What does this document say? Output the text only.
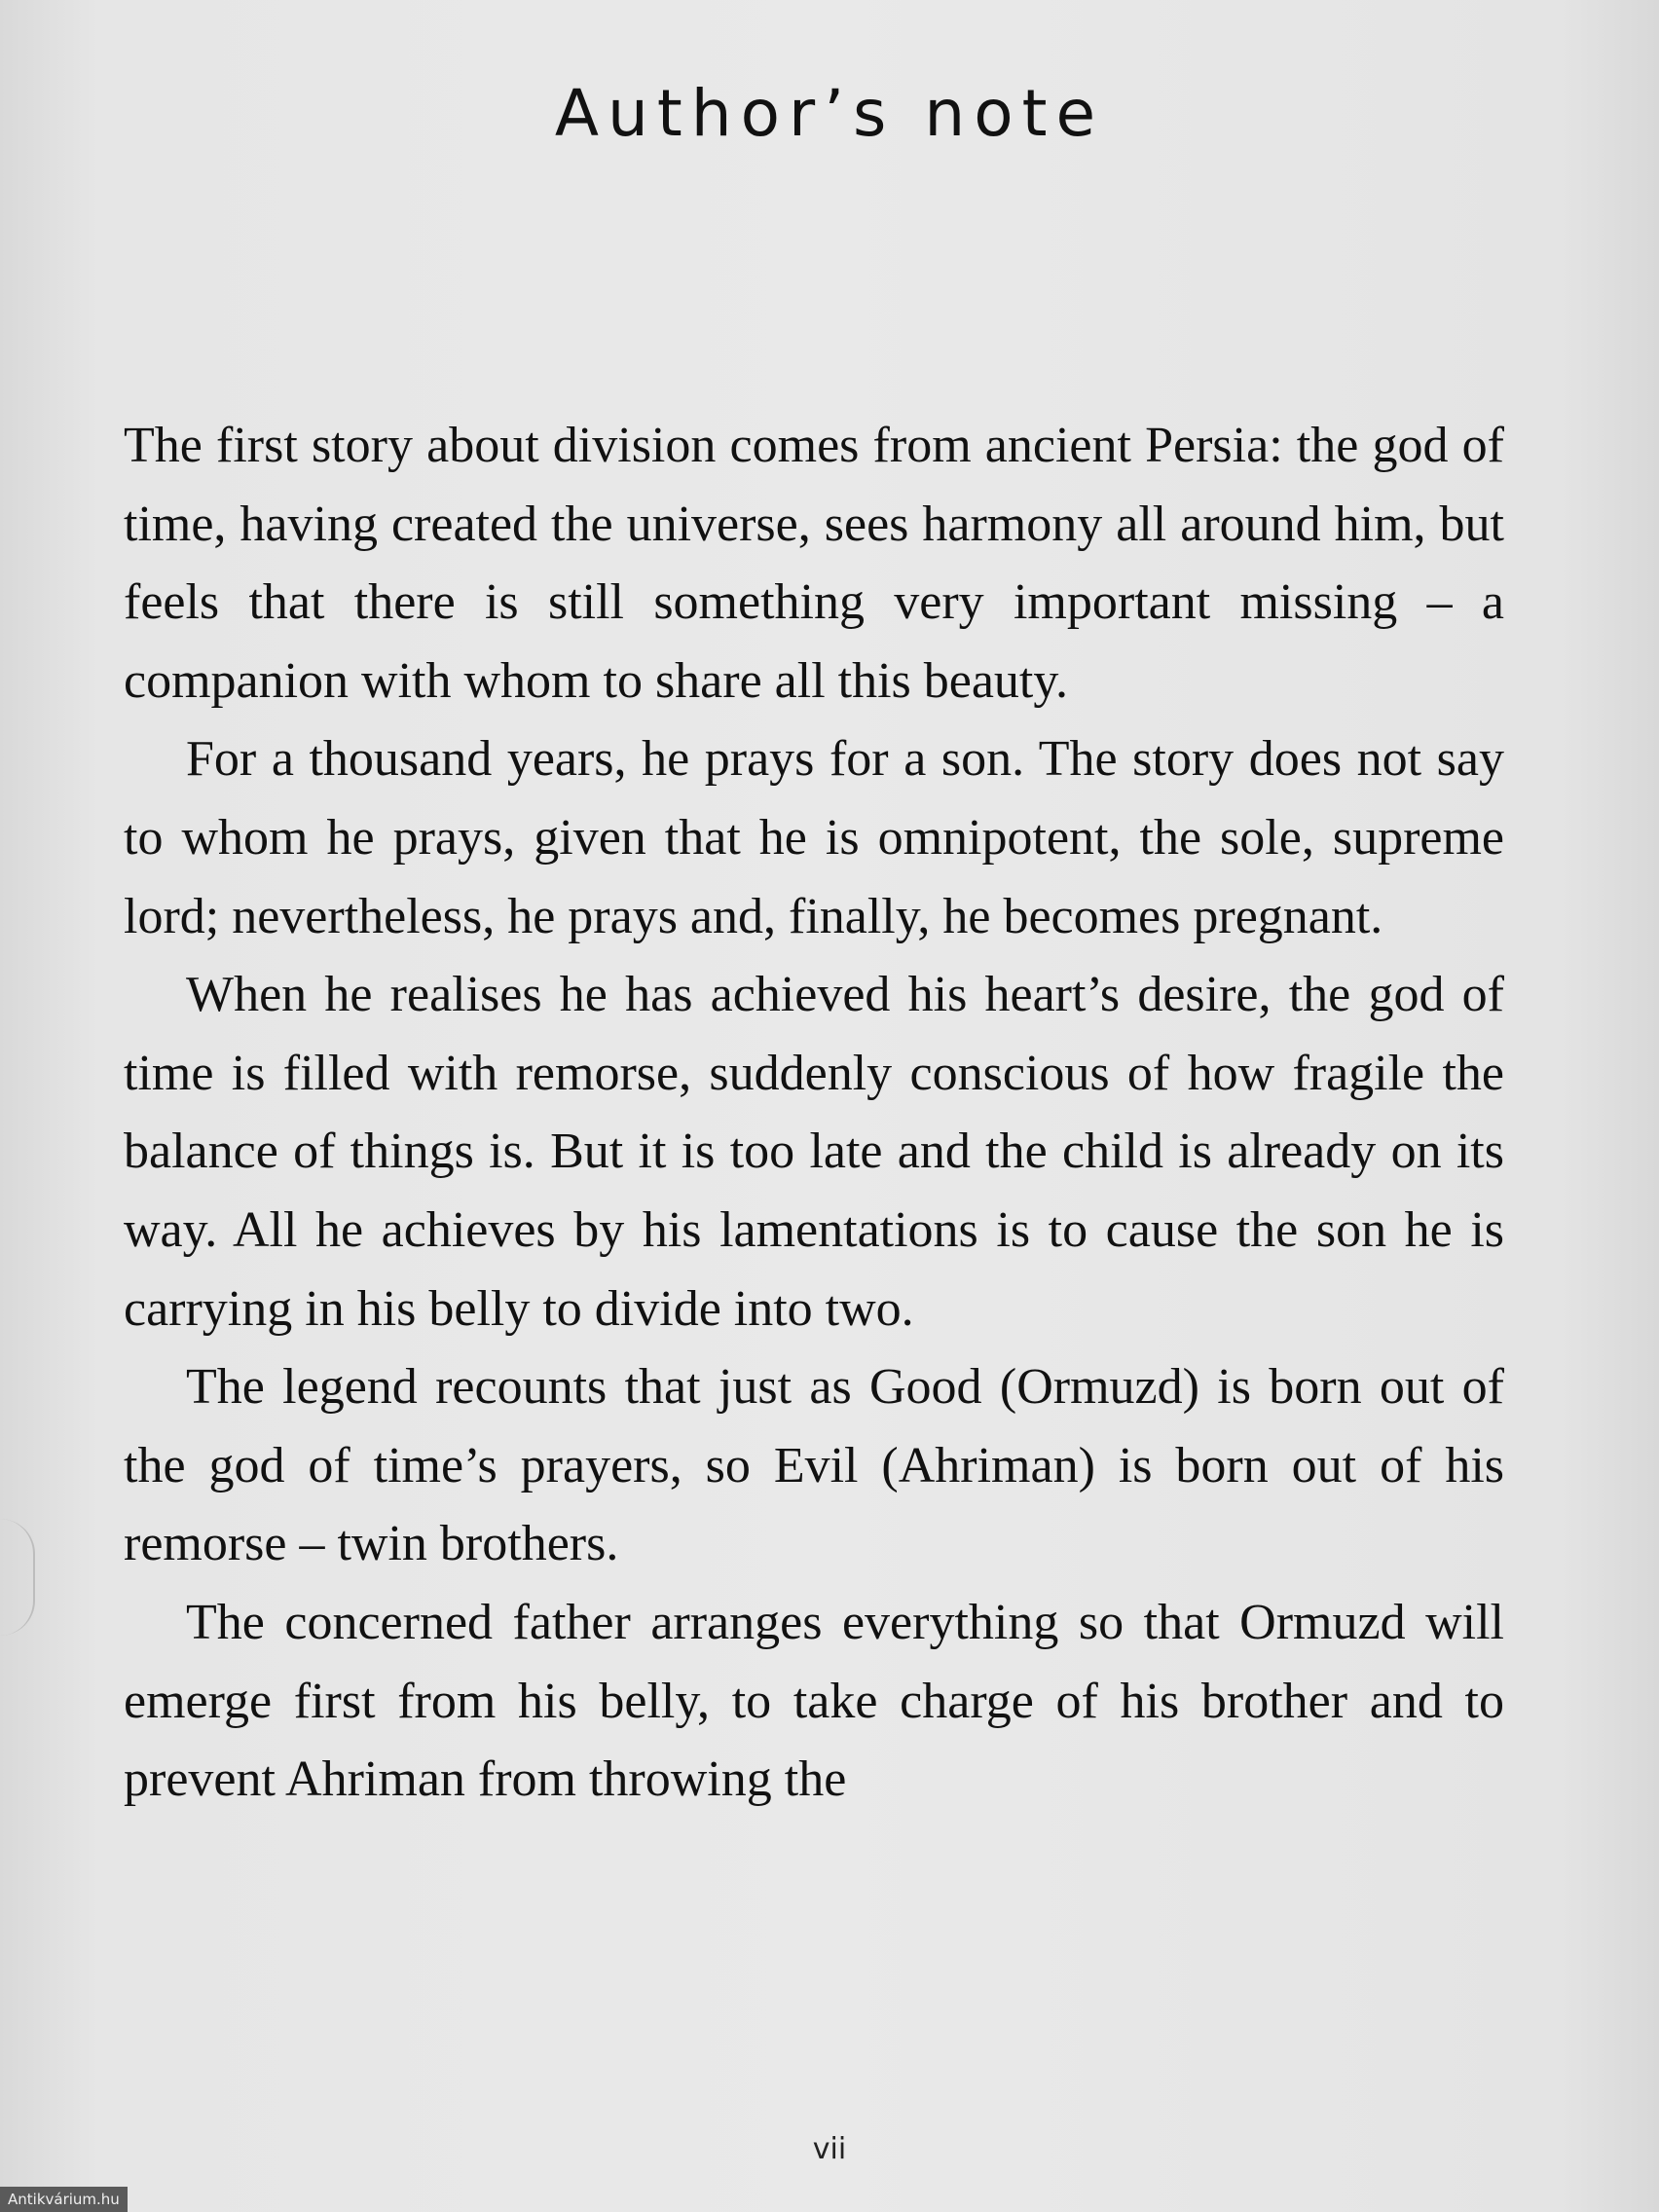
Author’s note

The first story about division comes from ancient Persia: the god of time, having created the universe, sees harmony all around him, but feels that there is still something very important missing – a companion with whom to share all this beauty.

For a thousand years, he prays for a son. The story does not say to whom he prays, given that he is omnipotent, the sole, supreme lord; nevertheless, he prays and, finally, he becomes pregnant.

When he realises he has achieved his heart’s desire, the god of time is filled with remorse, suddenly conscious of how fragile the balance of things is. But it is too late and the child is already on its way. All he achieves by his lamentations is to cause the son he is carrying in his belly to divide into two.

The legend recounts that just as Good (Ormuzd) is born out of the god of time’s prayers, so Evil (Ahriman) is born out of his remorse – twin brothers.

The concerned father arranges everything so that Ormuzd will emerge first from his belly, to take charge of his brother and to prevent Ahriman from throwing the

vii
Antikvárium.hu
